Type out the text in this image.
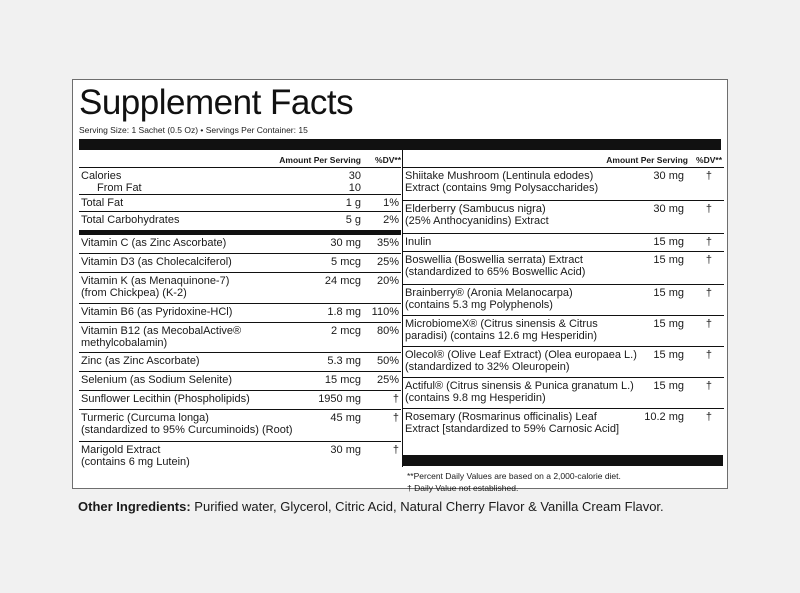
Supplement Facts
Serving Size: 1 Sachet (0.5 Oz) • Servings Per Container: 15
Amount Per Serving %DV**
Calories	30
From Fat	10
Total Fat	1 g 1%
Total Carbohydrates	5 g 2%
Vitamin C (as Zinc Ascorbate)	30 mg 35%
Vitamin D3 (as Cholecalciferol)	5 mcg 25%
Vitamin K (as Menaquinone-7)
(from Chickpea) (K-2)
24 mcg 20%
Vitamin B6 (as Pyridoxine-HCl)	1.8 mg 110%
Vitamin B12 (as MecobalActive®
methylcobalamin)
2 mcg 80%
Zinc (as Zinc Ascorbate)	5.3 mg 50%
Selenium (as Sodium Selenite)	15 mcg 25%
Sunflower Lecithin (Phospholipids)	1950 mg	†
Turmeric (Curcuma longa)
(standardized to 95% Curcuminoids) (Root)
45 mg	†
Marigold Extract
(contains 6 mg Lutein)
30 mg	†
Amount Per Serving %DV**
Shiitake Mushroom (Lentinula edodes)
Extract (contains 9mg Polysaccharides)
30 mg †
Elderberry (Sambucus nigra)
(25% Anthocyanidins) Extract
30 mg †
Inulin	15 mg †
Boswellia (Boswellia serrata) Extract
(standardized to 65% Boswellic Acid)
15 mg †
Brainberry® (Aronia Melanocarpa)
(contains 5.3 mg Polyphenols)
15 mg †
MicrobiomeX® (Citrus sinensis & Citrus
paradisi) (contains 12.6 mg Hesperidin)
15 mg †
Olecol® (Olive Leaf Extract) (Olea europaea L.)
(standardized to 32% Oleuropein)
15 mg †
Actiful® (Citrus sinensis & Punica granatum L.)
(contains 9.8 mg Hesperidin)
15 mg †
Rosemary (Rosmarinus officinalis) Leaf
Extract [standardized to 59% Carnosic Acid]
10.2 mg †
**Percent Daily Values are based on a 2,000-calorie diet.
† Daily Value not established.
Other Ingredients: Purified water, Glycerol, Citric Acid, Natural Cherry Flavor & Vanilla Cream Flavor.
